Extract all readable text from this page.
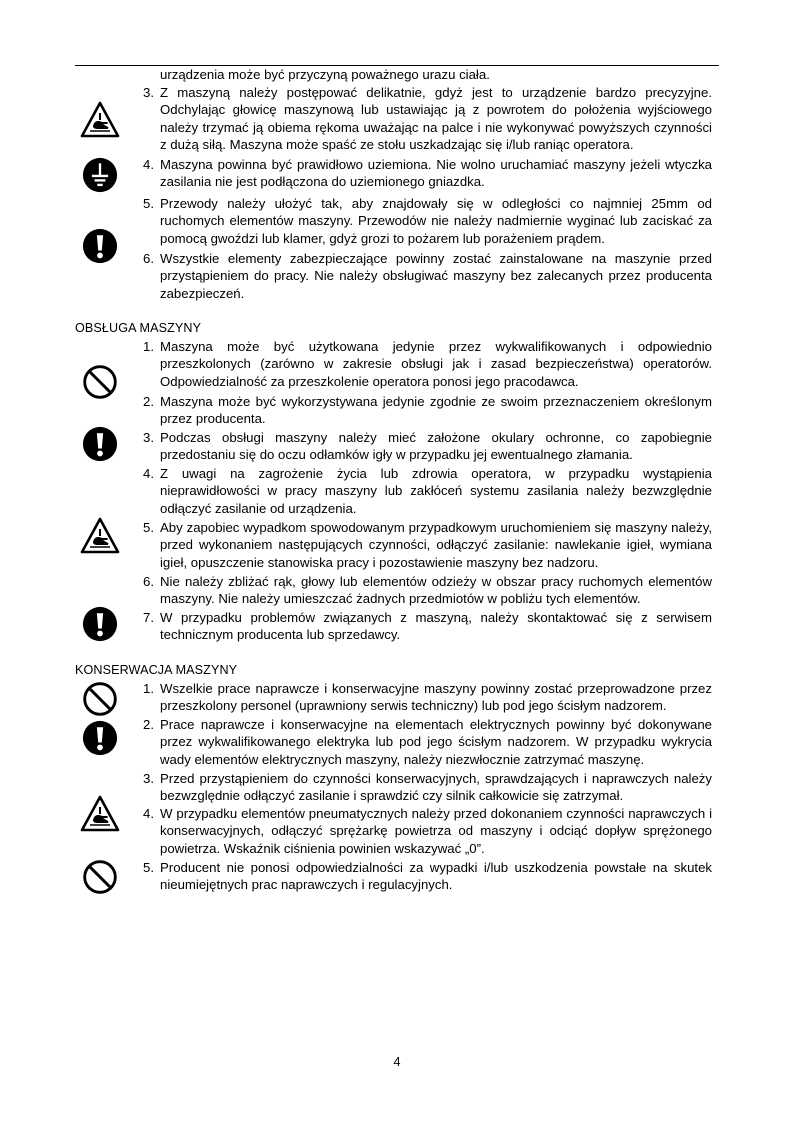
urządzenia może być przyczyną poważnego urazu ciała.
3. Z maszyną należy postępować delikatnie, gdyż jest to urządzenie bardzo precyzyjne. Odchylając głowicę maszynową lub ustawiając ją z powrotem do położenia wyjściowego należy trzymać ją obiema rękoma uważając na palce i nie wykonywać powyższych czynności z dużą siłą. Maszyna może spaść ze stołu uszkadzając się i/lub raniąc operatora.
4. Maszyna powinna być prawidłowo uziemiona. Nie wolno uruchamiać maszyny jeżeli wtyczka zasilania nie jest podłączona do uziemionego gniazdka.
5. Przewody należy ułożyć tak, aby znajdowały się w odległości co najmniej 25mm od ruchomych elementów maszyny. Przewodów nie należy nadmiernie wyginać lub zaciskać za pomocą gwoździ lub klamer, gdyż grozi to pożarem lub porażeniem prądem.
6. Wszystkie elementy zabezpieczające powinny zostać zainstalowane na maszynie przed przystąpieniem do pracy. Nie należy obsługiwać maszyny bez zalecanych przez producenta zabezpieczeń.
OBSŁUGA MASZYNY
1. Maszyna może być użytkowana jedynie przez wykwalifikowanych i odpowiednio przeszkolonych (zarówno w zakresie obsługi jak i zasad bezpieczeństwa) operatorów. Odpowiedzialność za przeszkolenie operatora ponosi jego pracodawca.
2. Maszyna może być wykorzystywana jedynie zgodnie ze swoim przeznaczeniem określonym przez producenta.
3. Podczas obsługi maszyny należy mieć założone okulary ochronne, co zapobiegnie przedostaniu się do oczu odłamków igły w przypadku jej ewentualnego złamania.
4. Z uwagi na zagrożenie życia lub zdrowia operatora, w przypadku wystąpienia nieprawidłowości w pracy maszyny lub zakłóceń systemu zasilania należy bezwzględnie odłączyć zasilanie od urządzenia.
5. Aby zapobiec wypadkom spowodowanym przypadkowym uruchomieniem się maszyny należy, przed wykonaniem następujących czynności, odłączyć zasilanie: nawlekanie igieł, wymiana igieł, opuszczenie stanowiska pracy i pozostawienie maszyny bez nadzoru.
6. Nie należy zbliżać rąk, głowy lub elementów odzieży w obszar pracy ruchomych elementów maszyny. Nie należy umieszczać żadnych przedmiotów w pobliżu tych elementów.
7. W przypadku problemów związanych z maszyną, należy skontaktować się z serwisem technicznym producenta lub sprzedawcy.
KONSERWACJA MASZYNY
1. Wszelkie prace naprawcze i konserwacyjne maszyny powinny zostać przeprowadzone przez przeszkolony personel (uprawniony serwis techniczny) lub pod jego ścisłym nadzorem.
2. Prace naprawcze i konserwacyjne na elementach elektrycznych powinny być dokonywane przez wykwalifikowanego elektryka lub pod jego ścisłym nadzorem. W przypadku wykrycia wady elementów elektrycznych maszyny, należy niezwłocznie zatrzymać maszynę.
3. Przed przystąpieniem do czynności konserwacyjnych, sprawdzających i naprawczych należy bezwzględnie odłączyć zasilanie i sprawdzić czy silnik całkowicie się zatrzymał.
4. W przypadku elementów pneumatycznych należy przed dokonaniem czynności naprawczych i konserwacyjnych, odłączyć sprężarkę powietrza od maszyny i odciąć dopływ sprężonego powietrza. Wskaźnik ciśnienia powinien wskazywać „0”.
5. Producent nie ponosi odpowiedzialności za wypadki i/lub uszkodzenia powstałe na skutek nieumiejętnych prac naprawczych i regulacyjnych.
4
